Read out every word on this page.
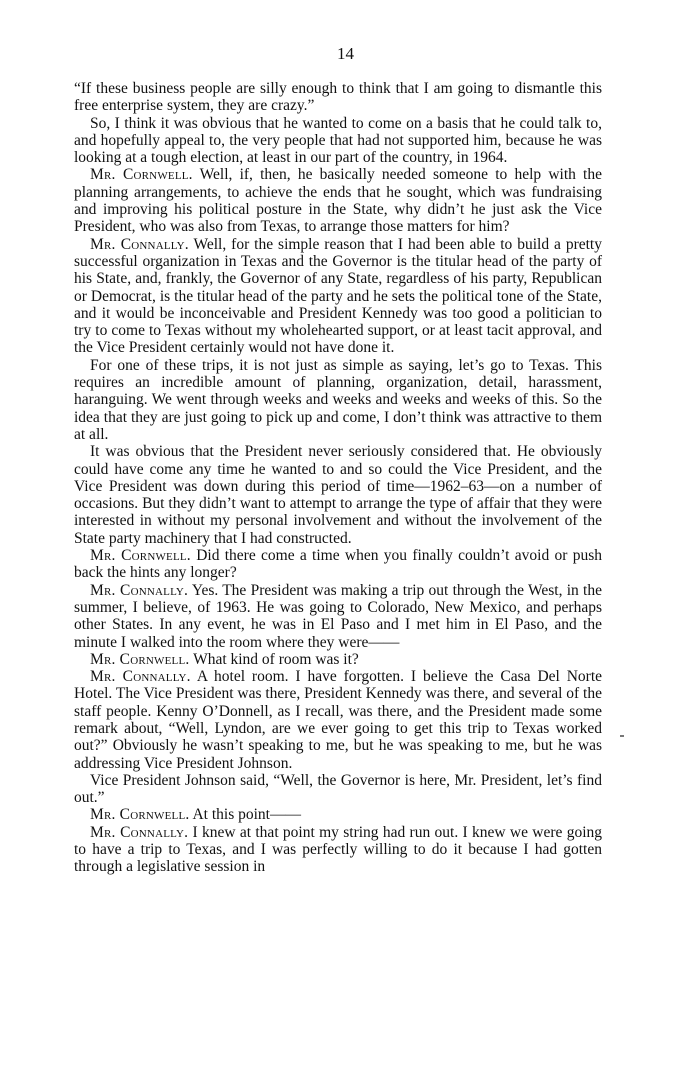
14

“If these business people are silly enough to think that I am going to dismantle this free enterprise system, they are crazy.”

So, I think it was obvious that he wanted to come on a basis that he could talk to, and hopefully appeal to, the very people that had not supported him, because he was looking at a tough election, at least in our part of the country, in 1964.

Mr. Cornwell. Well, if, then, he basically needed someone to help with the planning arrangements, to achieve the ends that he sought, which was fundraising and improving his political posture in the State, why didn’t he just ask the Vice President, who was also from Texas, to arrange those matters for him?

Mr. Connally. Well, for the simple reason that I had been able to build a pretty successful organization in Texas and the Governor is the titular head of the party of his State, and, frankly, the Governor of any State, regardless of his party, Republican or Democrat, is the titular head of the party and he sets the political tone of the State, and it would be inconceivable and President Kennedy was too good a politician to try to come to Texas without my wholehearted support, or at least tacit approval, and the Vice President certainly would not have done it.

For one of these trips, it is not just as simple as saying, let’s go to Texas. This requires an incredible amount of planning, organization, detail, harassment, haranguing. We went through weeks and weeks and weeks and weeks of this. So the idea that they are just going to pick up and come, I don’t think was attractive to them at all.

It was obvious that the President never seriously considered that. He obviously could have come any time he wanted to and so could the Vice President, and the Vice President was down during this period of time—1962–63—on a number of occasions. But they didn’t want to attempt to arrange the type of affair that they were interested in without my personal involvement and without the involvement of the State party machinery that I had constructed.

Mr. Cornwell. Did there come a time when you finally couldn’t avoid or push back the hints any longer?

Mr. Connally. Yes. The President was making a trip out through the West, in the summer, I believe, of 1963. He was going to Colorado, New Mexico, and perhaps other States. In any event, he was in El Paso and I met him in El Paso, and the minute I walked into the room where they were——

Mr. Cornwell. What kind of room was it?

Mr. Connally. A hotel room. I have forgotten. I believe the Casa Del Norte Hotel. The Vice President was there, President Kennedy was there, and several of the staff people. Kenny O’Donnell, as I recall, was there, and the President made some remark about, “Well, Lyndon, are we ever going to get this trip to Texas worked out?” Obviously he wasn’t speaking to me, but he was speaking to me, but he was addressing Vice President Johnson.

Vice President Johnson said, “Well, the Governor is here, Mr. President, let’s find out.”

Mr. Cornwell. At this point——

Mr. Connally. I knew at that point my string had run out. I knew we were going to have a trip to Texas, and I was perfectly willing to do it because I had gotten through a legislative session in
